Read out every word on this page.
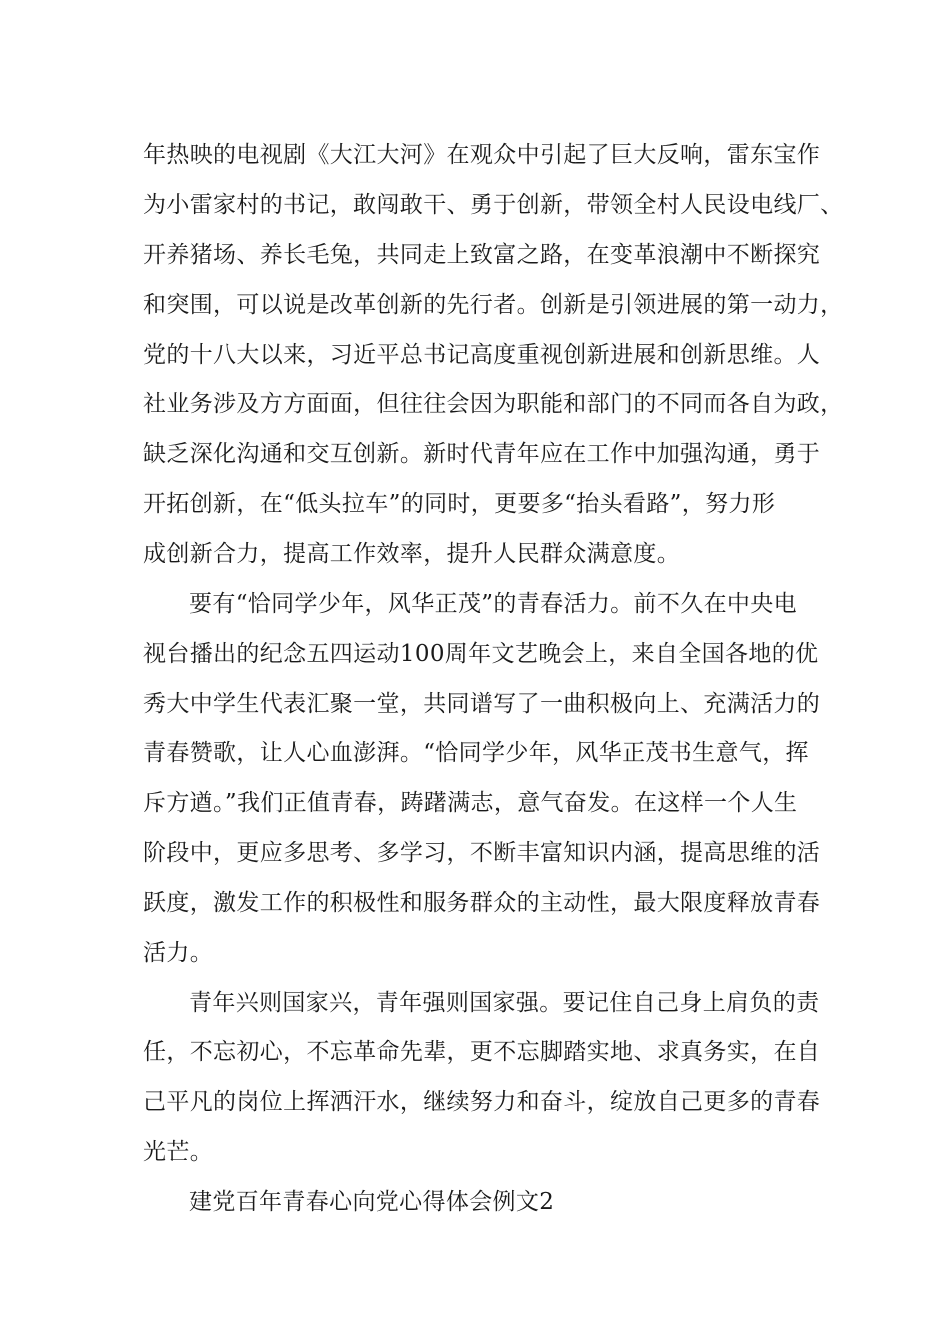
年热映的电视剧《大江大河》在观众中引起了巨大反响，雷东宝作
为小雷家村的书记，敢闯敢干、勇于创新，带领全村人民设电线厂、
开养猪场、养长毛兔，共同走上致富之路，在变革浪潮中不断探究
和突围，可以说是改革创新的先行者。创新是引领进展的第一动力，
党的十八大以来，习近平总书记高度重视创新进展和创新思维。人
社业务涉及方方面面，但往往会因为职能和部门的不同而各自为政，
缺乏深化沟通和交互创新。新时代青年应在工作中加强沟通，勇于
开拓创新，在“低头拉车”的同时，更要多“抬头看路”，努力形
成创新合力，提高工作效率，提升人民群众满意度。
要有“恰同学少年，风华正茂”的青春活力。前不久在中央电
视台播出的纪念五四运动100周年文艺晚会上，来自全国各地的优
秀大中学生代表汇聚一堂，共同谱写了一曲积极向上、充满活力的
青春赞歌，让人心血澎湃。“恰同学少年，风华正茂书生意气，挥
斥方遒。”我们正值青春，踌躇满志，意气奋发。在这样一个人生
阶段中，更应多思考、多学习，不断丰富知识内涵，提高思维的活
跃度，激发工作的积极性和服务群众的主动性，最大限度释放青春
活力。
青年兴则国家兴，青年强则国家强。要记住自己身上肩负的责
任，不忘初心，不忘革命先辈，更不忘脚踏实地、求真务实，在自
己平凡的岗位上挥洒汗水，继续努力和奋斗，绽放自己更多的青春
光芒。
建党百年青春心向党心得体会例文2
